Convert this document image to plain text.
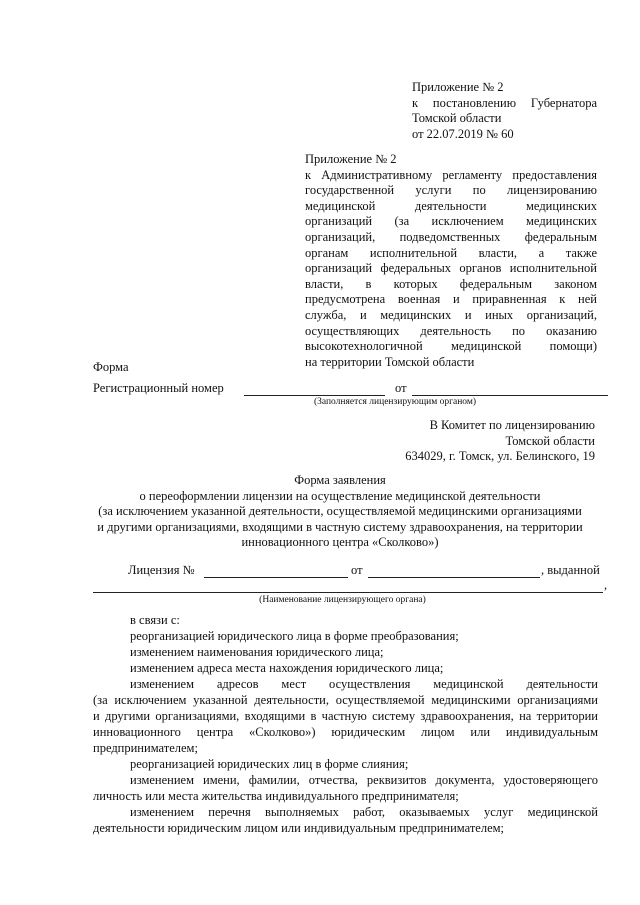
Приложение № 2
к постановлению Губернатора
Томской области
от 22.07.2019 № 60
Приложение № 2
к Административному регламенту предоставления
государственной услуги по лицензированию
медицинской деятельности медицинских
организаций (за исключением медицинских
организаций, подведомственных федеральным
органам исполнительной власти, а также
организаций федеральных органов исполнительной
власти, в которых федеральным законом
предусмотрена военная и приравненная к ней
служба, и медицинских и иных организаций,
осуществляющих деятельность по оказанию
высокотехнологичной медицинской помощи)
на территории Томской области
Форма
Регистрационный номер	от
(Заполняется лицензирующим органом)
В Комитет по лицензированию
Томской области
634029, г. Томск, ул. Белинского, 19
Форма заявления
о переоформлении лицензии на осуществление медицинской деятельности
(за исключением указанной деятельности, осуществляемой медицинскими организациями
и другими организациями, входящими в частную систему здравоохранения, на территории
инновационного центра «Сколково»)
Лицензия №	от	, выданной
,
(Наименование лицензирующего органа)
в связи с:
реорганизацией юридического лица в форме преобразования;
изменением наименования юридического лица;
изменением адреса места нахождения юридического лица;
изменением адресов мест осуществления медицинской деятельности
(за исключением указанной деятельности, осуществляемой медицинскими организациями
и другими организациями, входящими в частную систему здравоохранения, на территории
инновационного центра «Сколково») юридическим лицом или индивидуальным
предпринимателем;
реорганизацией юридических лиц в форме слияния;
изменением имени, фамилии, отчества, реквизитов документа, удостоверяющего
личность или места жительства индивидуального предпринимателя;
изменением перечня выполняемых работ, оказываемых услуг медицинской
деятельности юридическим лицом или индивидуальным предпринимателем;
